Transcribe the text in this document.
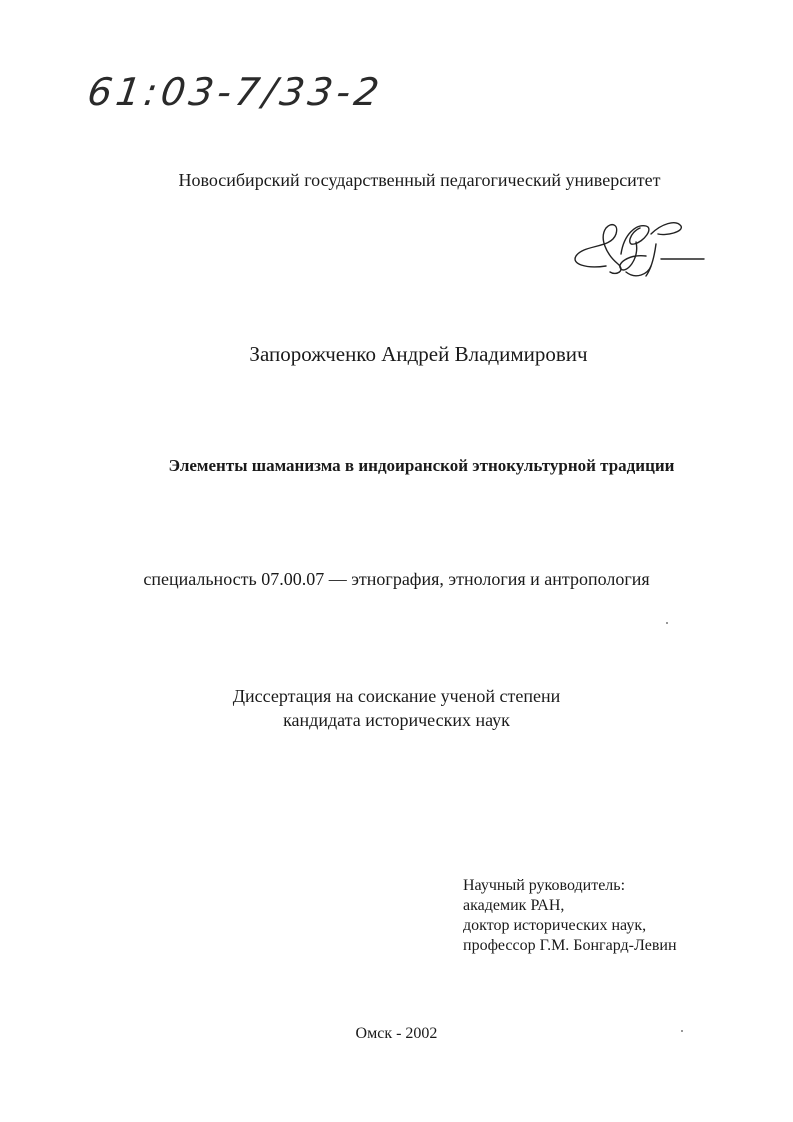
61:03-7/33-2
Новосибирский государственный педагогический университет
Запорожченко Андрей Владимирович
Элементы шаманизма в индоиранской этнокультурной традиции
специальность 07.00.07 — этнография, этнология и антропология
Диссертация на соискание ученой степени
кандидата исторических наук
Научный руководитель:
академик РАН,
доктор исторических наук,
профессор Г.М. Бонгард-Левин
Омск - 2002
